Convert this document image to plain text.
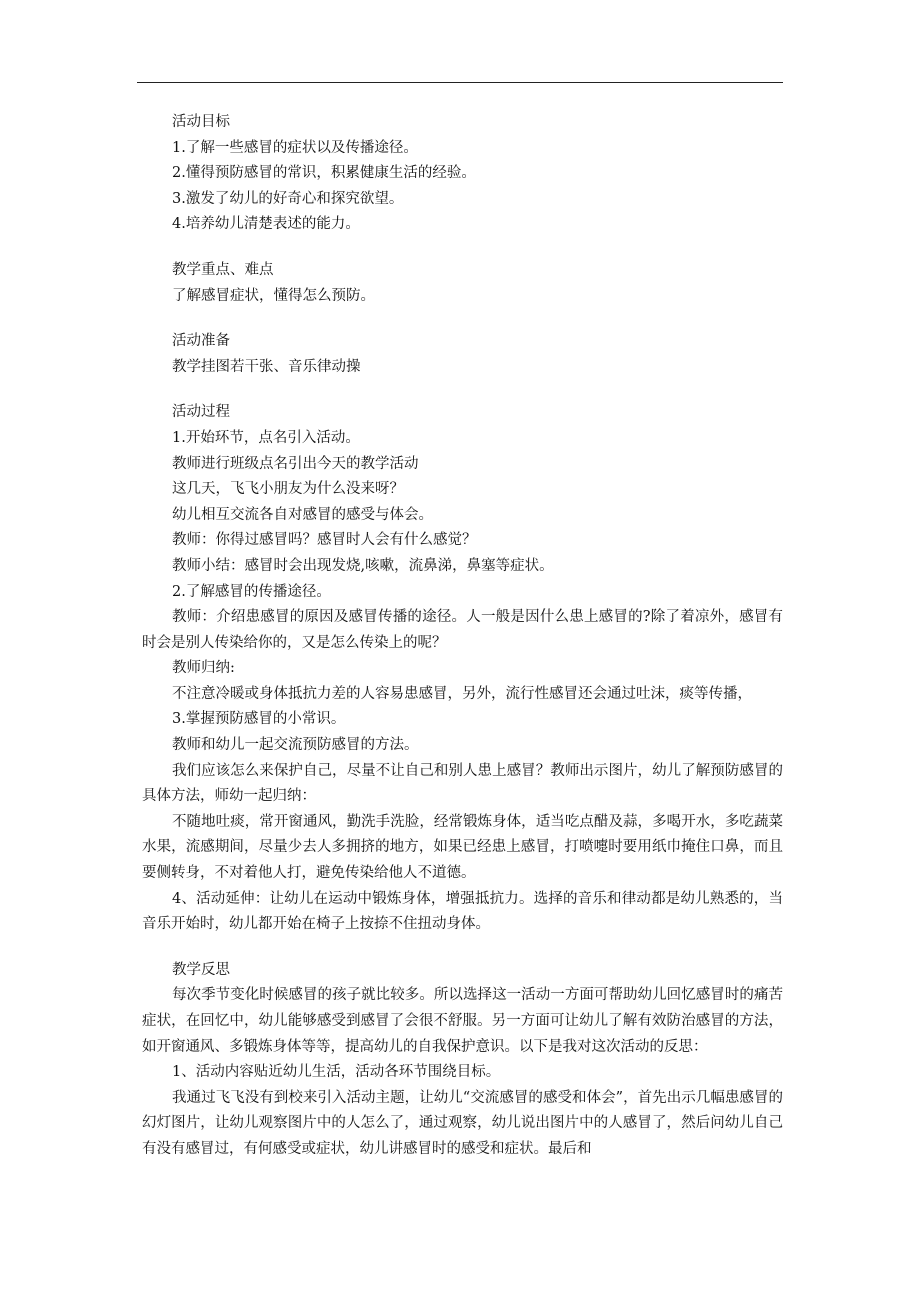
活动目标

1.了解一些感冒的症状以及传播途径。

2.懂得预防感冒的常识，积累健康生活的经验。

3.激发了幼儿的好奇心和探究欲望。

4.培养幼儿清楚表述的能力。

教学重点、难点

了解感冒症状，懂得怎么预防。

活动准备

教学挂图若干张、音乐律动操

活动过程

1.开始环节，点名引入活动。

教师进行班级点名引出今天的教学活动

这几天，飞飞小朋友为什么没来呀？

幼儿相互交流各自对感冒的感受与体会。

教师：你得过感冒吗？感冒时人会有什么感觉？

教师小结：感冒时会出现发烧,咳嗽，流鼻涕，鼻塞等症状。

2.了解感冒的传播途径。

教师：介绍患感冒的原因及感冒传播的途径。人一般是因什么患上感冒的?除了着凉外，感冒有时会是别人传染给你的，又是怎么传染上的呢？

教师归纳:

不注意冷暖或身体抵抗力差的人容易患感冒，另外，流行性感冒还会通过吐沫，痰等传播，

3.掌握预防感冒的小常识。

教师和幼儿一起交流预防感冒的方法。

我们应该怎么来保护自己，尽量不让自己和别人患上感冒？教师出示图片，幼儿了解预防感冒的具体方法，师幼一起归纳：

不随地吐痰，常开窗通风，勤洗手洗脸，经常锻炼身体，适当吃点醋及蒜，多喝开水，多吃蔬菜水果，流感期间，尽量少去人多拥挤的地方，如果已经患上感冒，打喷嚏时要用纸巾掩住口鼻，而且要侧转身，不对着他人打，避免传染给他人不道德。

4、活动延伸：让幼儿在运动中锻炼身体，增强抵抗力。选择的音乐和律动都是幼儿熟悉的，当音乐开始时，幼儿都开始在椅子上按捺不住扭动身体。

教学反思

每次季节变化时候感冒的孩子就比较多。所以选择这一活动一方面可帮助幼儿回忆感冒时的痛苦症状，在回忆中，幼儿能够感受到感冒了会很不舒服。另一方面可让幼儿了解有效防治感冒的方法，如开窗通风、多锻炼身体等等，提高幼儿的自我保护意识。以下是我对这次活动的反思：

1、活动内容贴近幼儿生活，活动各环节围绕目标。

我通过飞飞没有到校来引入活动主题，让幼儿“交流感冒的感受和体会”，首先出示几幅患感冒的幻灯图片，让幼儿观察图片中的人怎么了，通过观察，幼儿说出图片中的人感冒了，然后问幼儿自己有没有感冒过，有何感受或症状，幼儿讲感冒时的感受和症状。最后和
